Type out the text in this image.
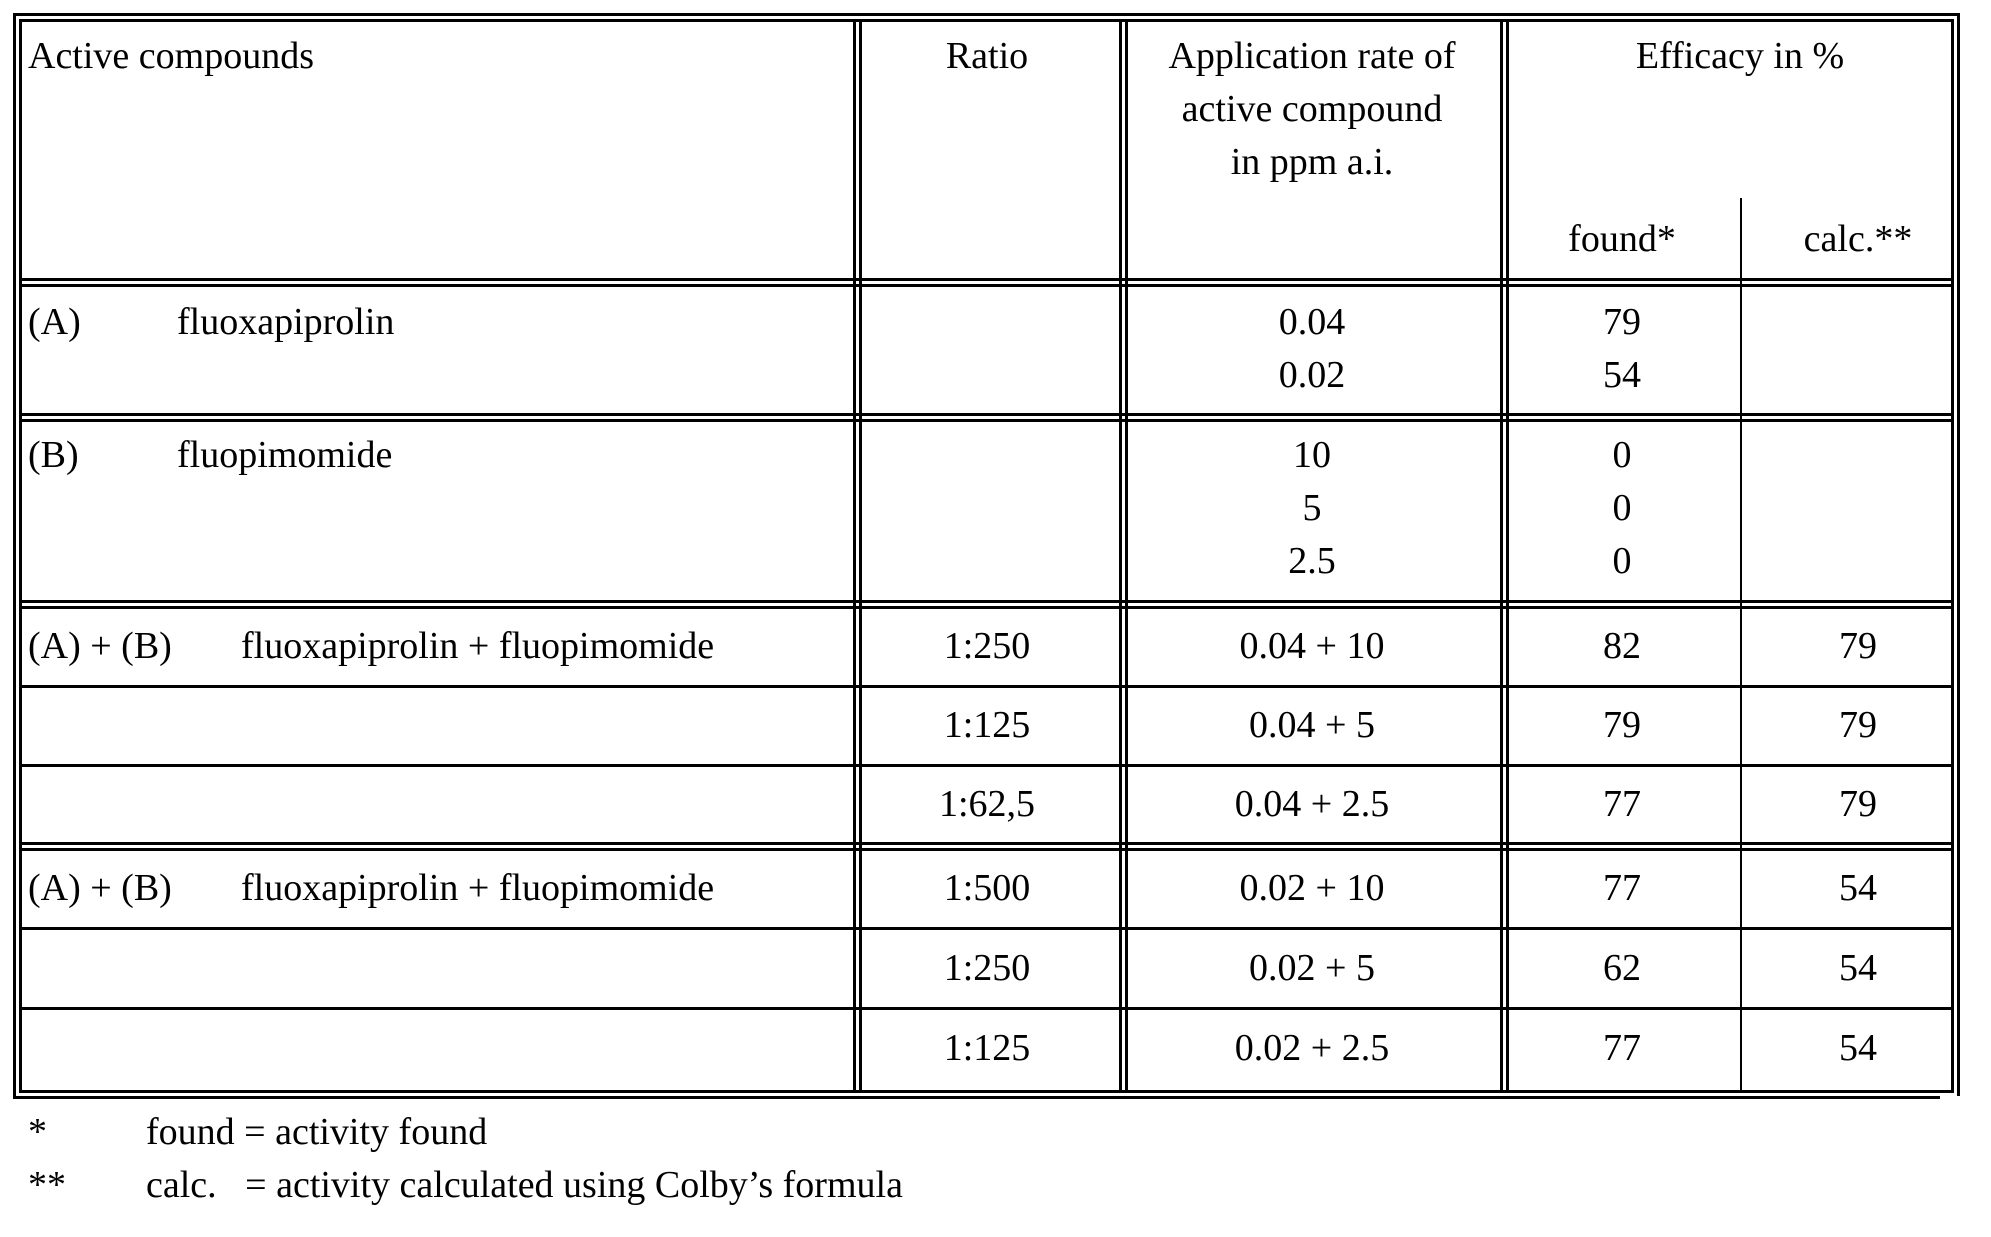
Active compounds	Ratio	Application rate of
active compound
in ppm a.i.
Efficacy in %
found*	calc.**
(A)	fluoxapiprolin	0.04
0.02
79
54
(B)	fluopimomide	10
5
2.5
0
0
0
(A) + (B) fluoxapiprolin + fluopimomide	1:250	0.04 + 10	82	79
1:125	0.04 + 5	79	79
1:62,5	0.04 + 2.5	77	79
(A) + (B) fluoxapiprolin + fluopimomide	1:500	0.02 + 10	77	54
1:250	0.02 + 5	62	54
1:125	0.02 + 2.5	77	54
*	found = activity found
** calc.   = activity calculated using Colby’s formula
